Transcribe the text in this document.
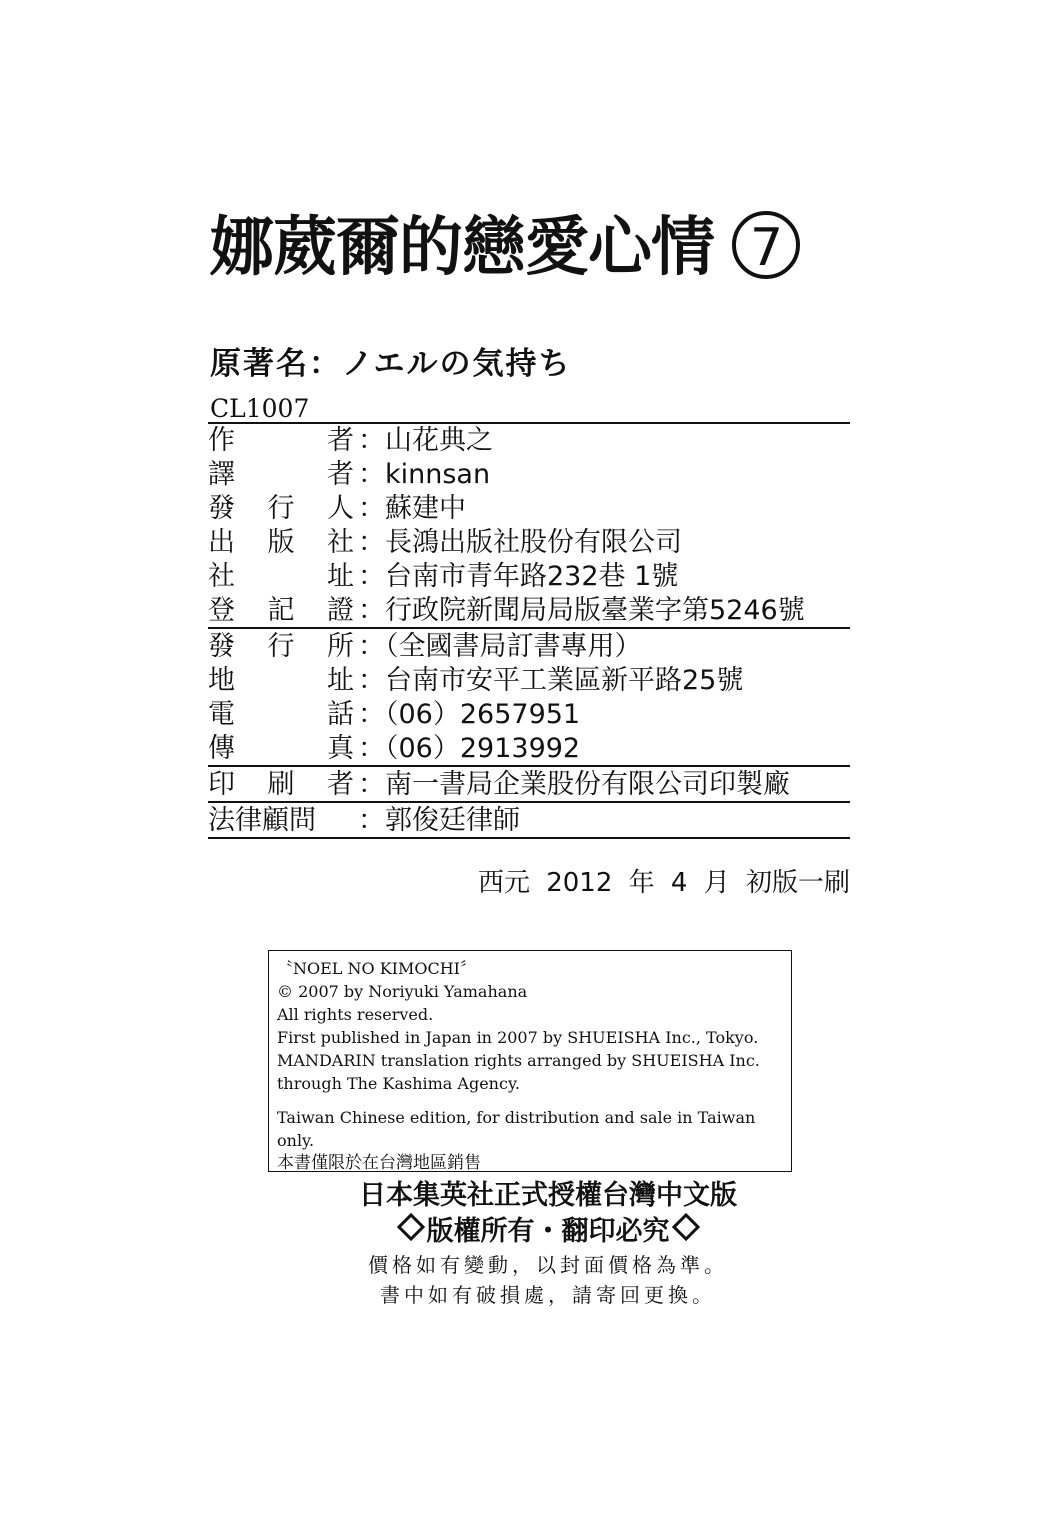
娜葳爾的戀愛心情 7
原著名：ノエルの気持ち
CL1007
作	者 ：山花典之
譯	者 ：kinnsan
發 行 人 ：蘇建中
出 版 社 ：長鴻出版社股份有限公司
社	址 ：台南市青年路232巷 1號
登 記 證 ：行政院新聞局局版臺業字第5246號
發 行 所 ：（全國書局訂書專用）
地	址 ：台南市安平工業區新平路25號
電	話 ：（06）2657951
傳	真 ：（06）2913992
印 刷 者 ：南一書局企業股份有限公司印製廠
法律顧問 ：郭俊廷律師
西元 2012 年 4 月 初版一刷
〝NOEL NO KIMOCHI〞
© 2007 by Noriyuki Yamahana
All rights reserved.
First published in Japan in 2007 by SHUEISHA Inc., Tokyo.
MANDARIN translation rights arranged by SHUEISHA Inc.
through The Kashima Agency.
Taiwan Chinese edition, for distribution and sale in Taiwan only.
本書僅限於在台灣地區銷售
日本集英社正式授權台灣中文版
版權所有・翻印必究
價格如有變動，以封面價格為準。
書中如有破損處，請寄回更換。
